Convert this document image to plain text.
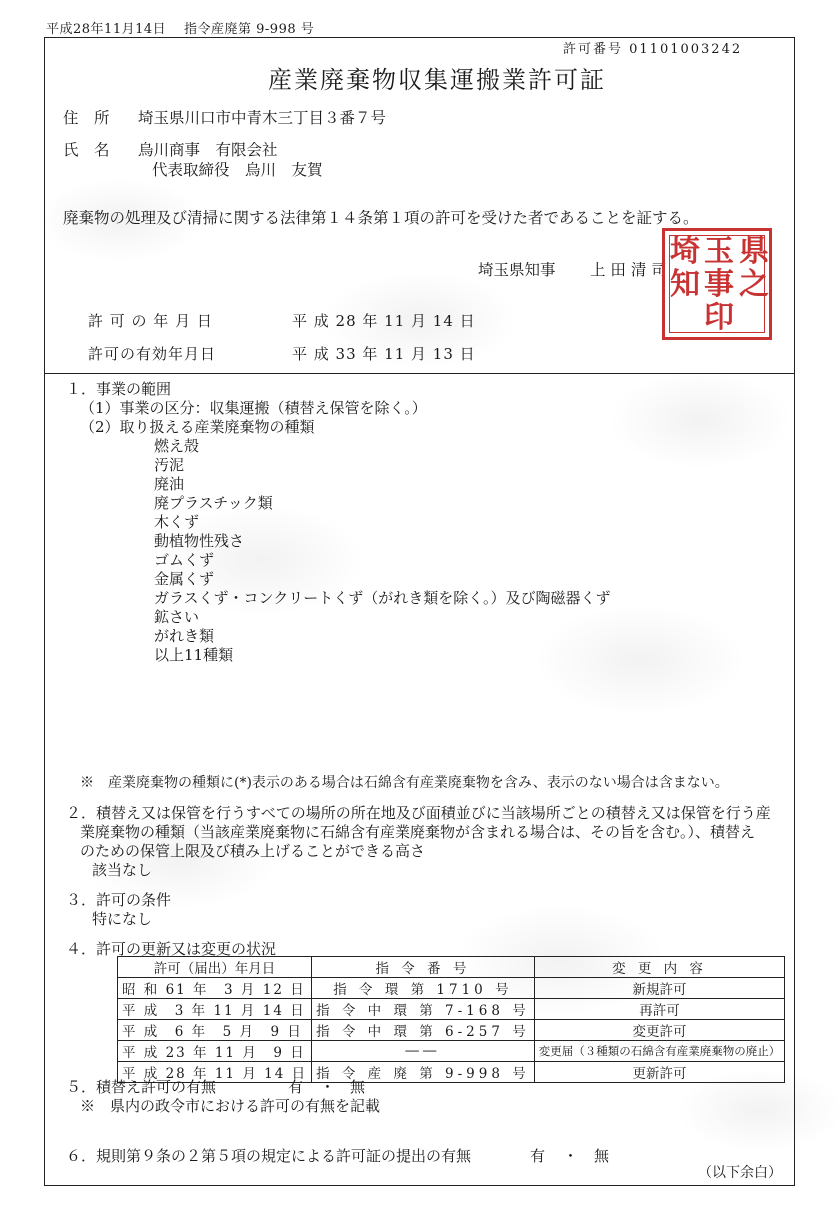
平成28年11月14日 指令産廃第 9-998 号
許可番号 01101003242
産業廃棄物収集運搬業許可証
住　所 埼玉県川口市中青木三丁目３番７号
氏　名 烏川商事　有限会社
代表取締役　烏川　友賀
廃棄物の処理及び清掃に関する法律第１４条第１項の許可を受けた者であることを証する。
埼玉県知事 上 田 清 司
県
玉
埼
之
事
知
印
許 可 の 年 月 日	平 成 28 年 11 月 14 日
許可の有効年月日	平 成 33 年 11 月 13 日
１．事業の範囲
（1）事業の区分：収集運搬（積替え保管を除く。）
（2）取り扱える産業廃棄物の種類
燃え殻
汚泥
廃油
廃プラスチック類
木くず
動植物性残さ
ゴムくず
金属くず
ガラスくず・コンクリートくず（がれき類を除く。）及び陶磁器くず
鉱さい
がれき類
以上11種類
※　産業廃棄物の種類に(*)表示のある場合は石綿含有産業廃棄物を含み、表示のない場合は含まない。
２．積替え又は保管を行うすべての場所の所在地及び面積並びに当該場所ごとの積替え又は保管を行う産
業廃棄物の種類（当該産業廃棄物に石綿含有産業廃棄物が含まれる場合は、その旨を含む。）、積替え
のための保管上限及び積み上げることができる高さ
該当なし
３．許可の条件
特になし
４．許可の更新又は変更の状況
許可（届出）年月日	指 令 番 号	変 更 内 容
昭 和 61 年　3 月 12 日	指 令 環 第 1710 号	新規許可
平 成　3 年 11 月 14 日	指 令 中 環 第 7-168 号	再許可
平 成　6 年　5 月　9 日	指 令 中 環 第 6-257 号	変更許可
平 成 23 年 11 月　9 日	――	変更届（３種類の石綿含有産業廃棄物の廃止）
平 成 28 年 11 月 14 日	指 令 産 廃 第 9-998 号	更新許可
５．積替え許可の有無	有 ・ 無
※　県内の政令市における許可の有無を記載
６．規則第９条の２第５項の規定による許可証の提出の有無	有 ・ 無
（以下余白）
